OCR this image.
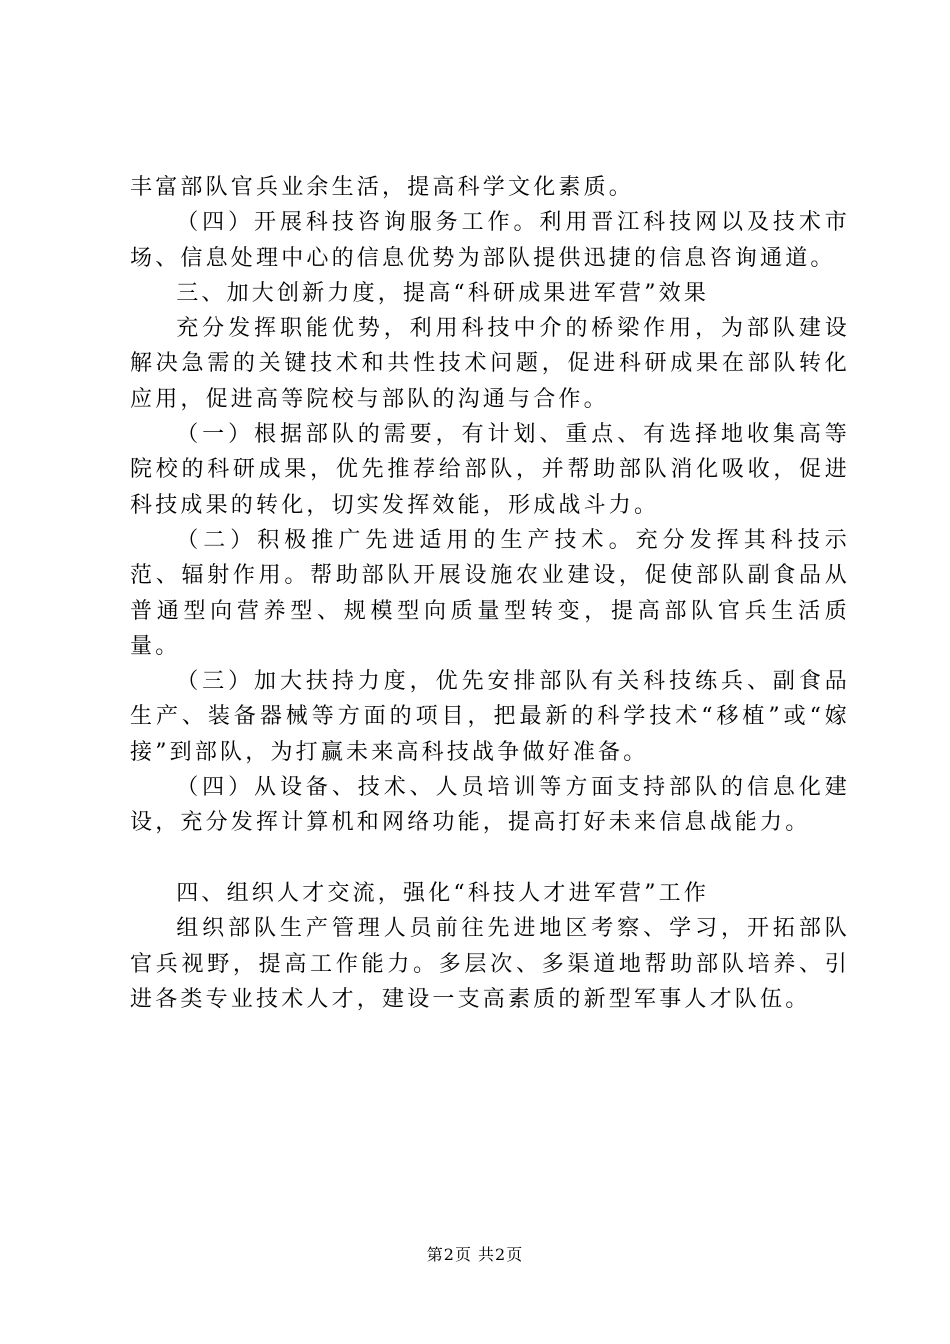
丰富部队官兵业余生活，提高科学文化素质。

（四）开展科技咨询服务工作。利用晋江科技网以及技术市场、信息处理中心的信息优势为部队提供迅捷的信息咨询通道。

三、加大创新力度，提高“科研成果进军营”效果

充分发挥职能优势，利用科技中介的桥梁作用，为部队建设解决急需的关键技术和共性技术问题，促进科研成果在部队转化应用，促进高等院校与部队的沟通与合作。

（一）根据部队的需要，有计划、重点、有选择地收集高等院校的科研成果，优先推荐给部队，并帮助部队消化吸收，促进科技成果的转化，切实发挥效能，形成战斗力。

（二）积极推广先进适用的生产技术。充分发挥其科技示范、辐射作用。帮助部队开展设施农业建设，促使部队副食品从普通型向营养型、规模型向质量型转变，提高部队官兵生活质量。

（三）加大扶持力度，优先安排部队有关科技练兵、副食品生产、装备器械等方面的项目，把最新的科学技术“移植”或“嫁接”到部队，为打赢未来高科技战争做好准备。

（四）从设备、技术、人员培训等方面支持部队的信息化建设，充分发挥计算机和网络功能，提高打好未来信息战能力。

四、组织人才交流，强化“科技人才进军营”工作

组织部队生产管理人员前往先进地区考察、学习，开拓部队官兵视野，提高工作能力。多层次、多渠道地帮助部队培养、引进各类专业技术人才，建设一支高素质的新型军事人才队伍。

第2页 共2页
